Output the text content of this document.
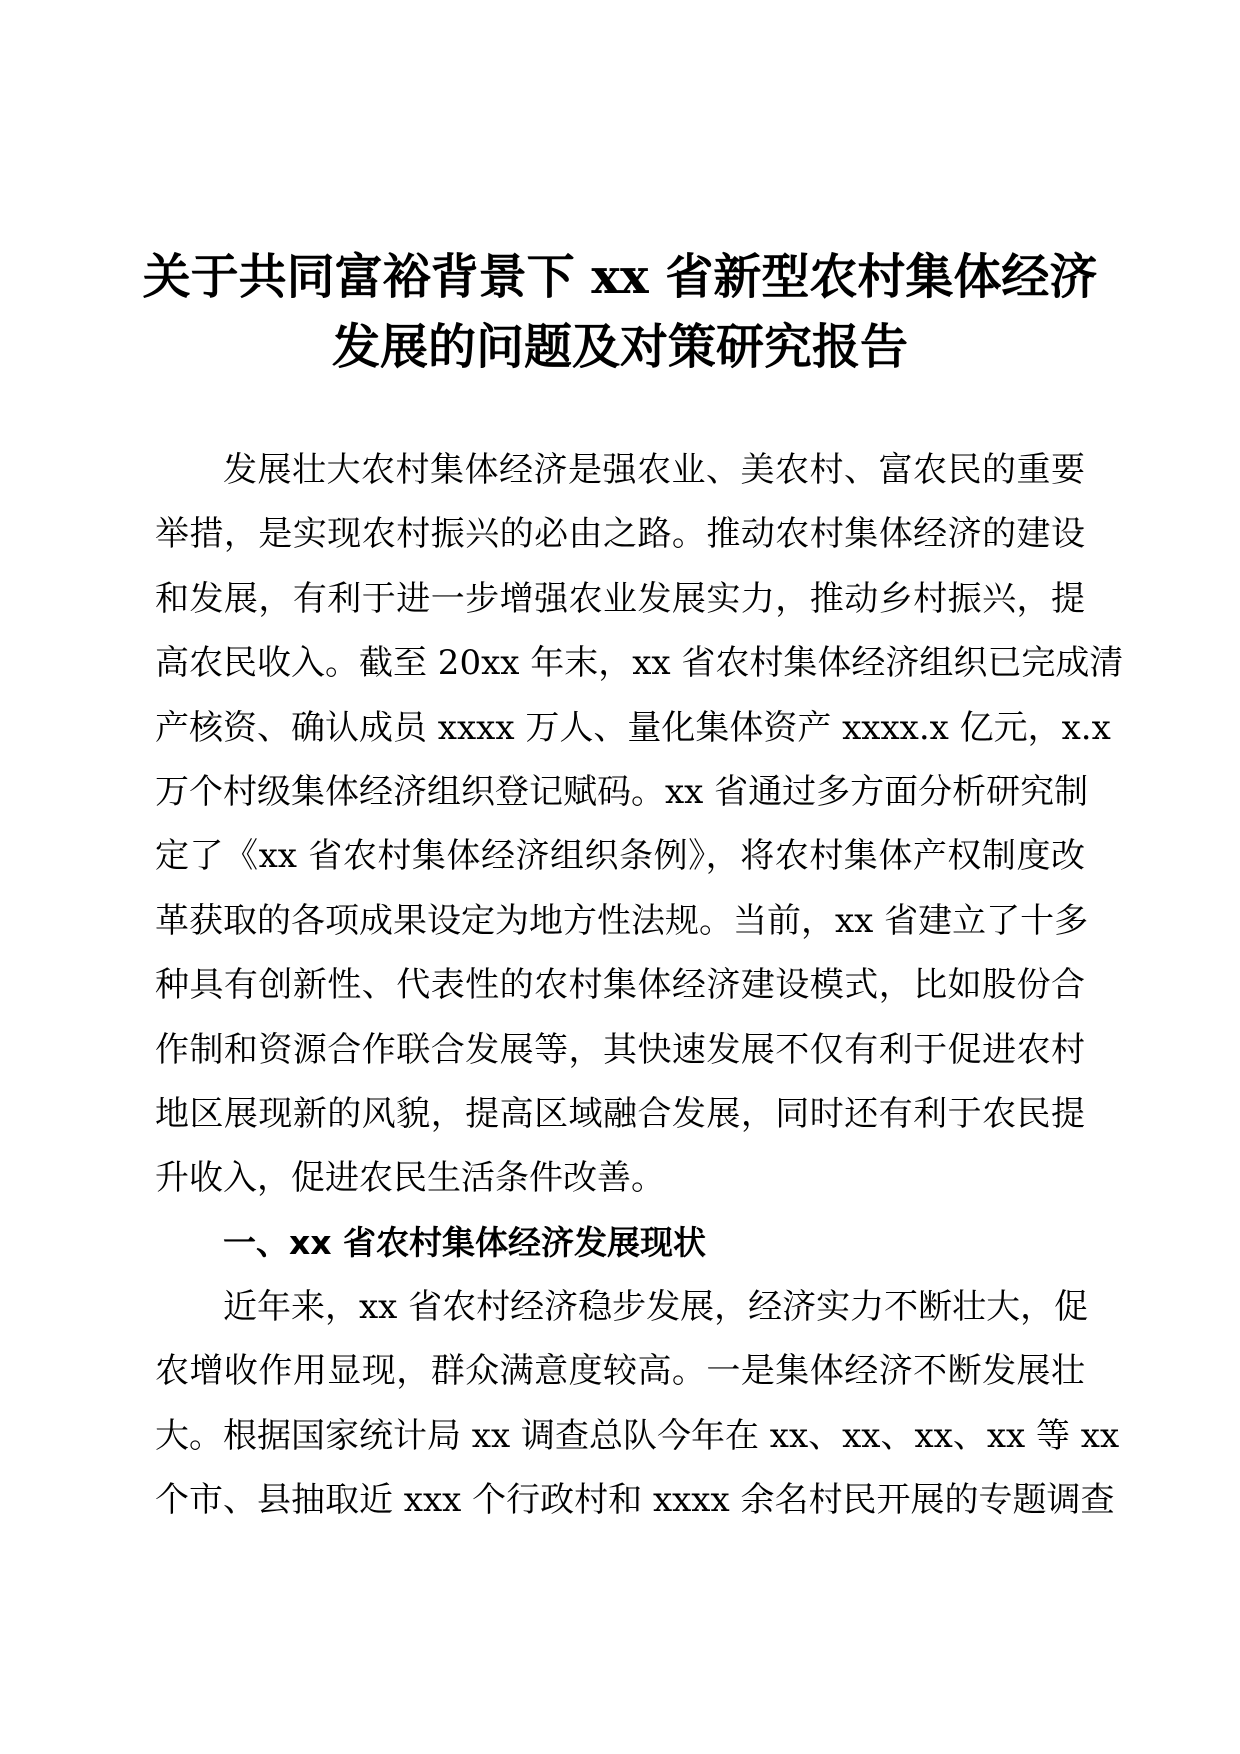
关于共同富裕背景下 xx 省新型农村集体经济
发展的问题及对策研究报告
发展壮大农村集体经济是强农业、美农村、富农民的重要
举措，是实现农村振兴的必由之路。推动农村集体经济的建设
和发展，有利于进一步增强农业发展实力，推动乡村振兴，提
高农民收入。截至 20xx 年末，xx 省农村集体经济组织已完成清
产核资、确认成员 xxxx 万人、量化集体资产 xxxx.x 亿元，x.x
万个村级集体经济组织登记赋码。xx 省通过多方面分析研究制
定了《xx 省农村集体经济组织条例》，将农村集体产权制度改
革获取的各项成果设定为地方性法规。当前，xx 省建立了十多
种具有创新性、代表性的农村集体经济建设模式，比如股份合
作制和资源合作联合发展等，其快速发展不仅有利于促进农村
地区展现新的风貌，提高区域融合发展，同时还有利于农民提
升收入，促进农民生活条件改善。
一、xx 省农村集体经济发展现状
近年来，xx 省农村经济稳步发展，经济实力不断壮大，促
农增收作用显现，群众满意度较高。一是集体经济不断发展壮
大。根据国家统计局 xx 调查总队今年在 xx、xx、xx、xx 等 xx
个市、县抽取近 xxx 个行政村和 xxxx 余名村民开展的专题调查
